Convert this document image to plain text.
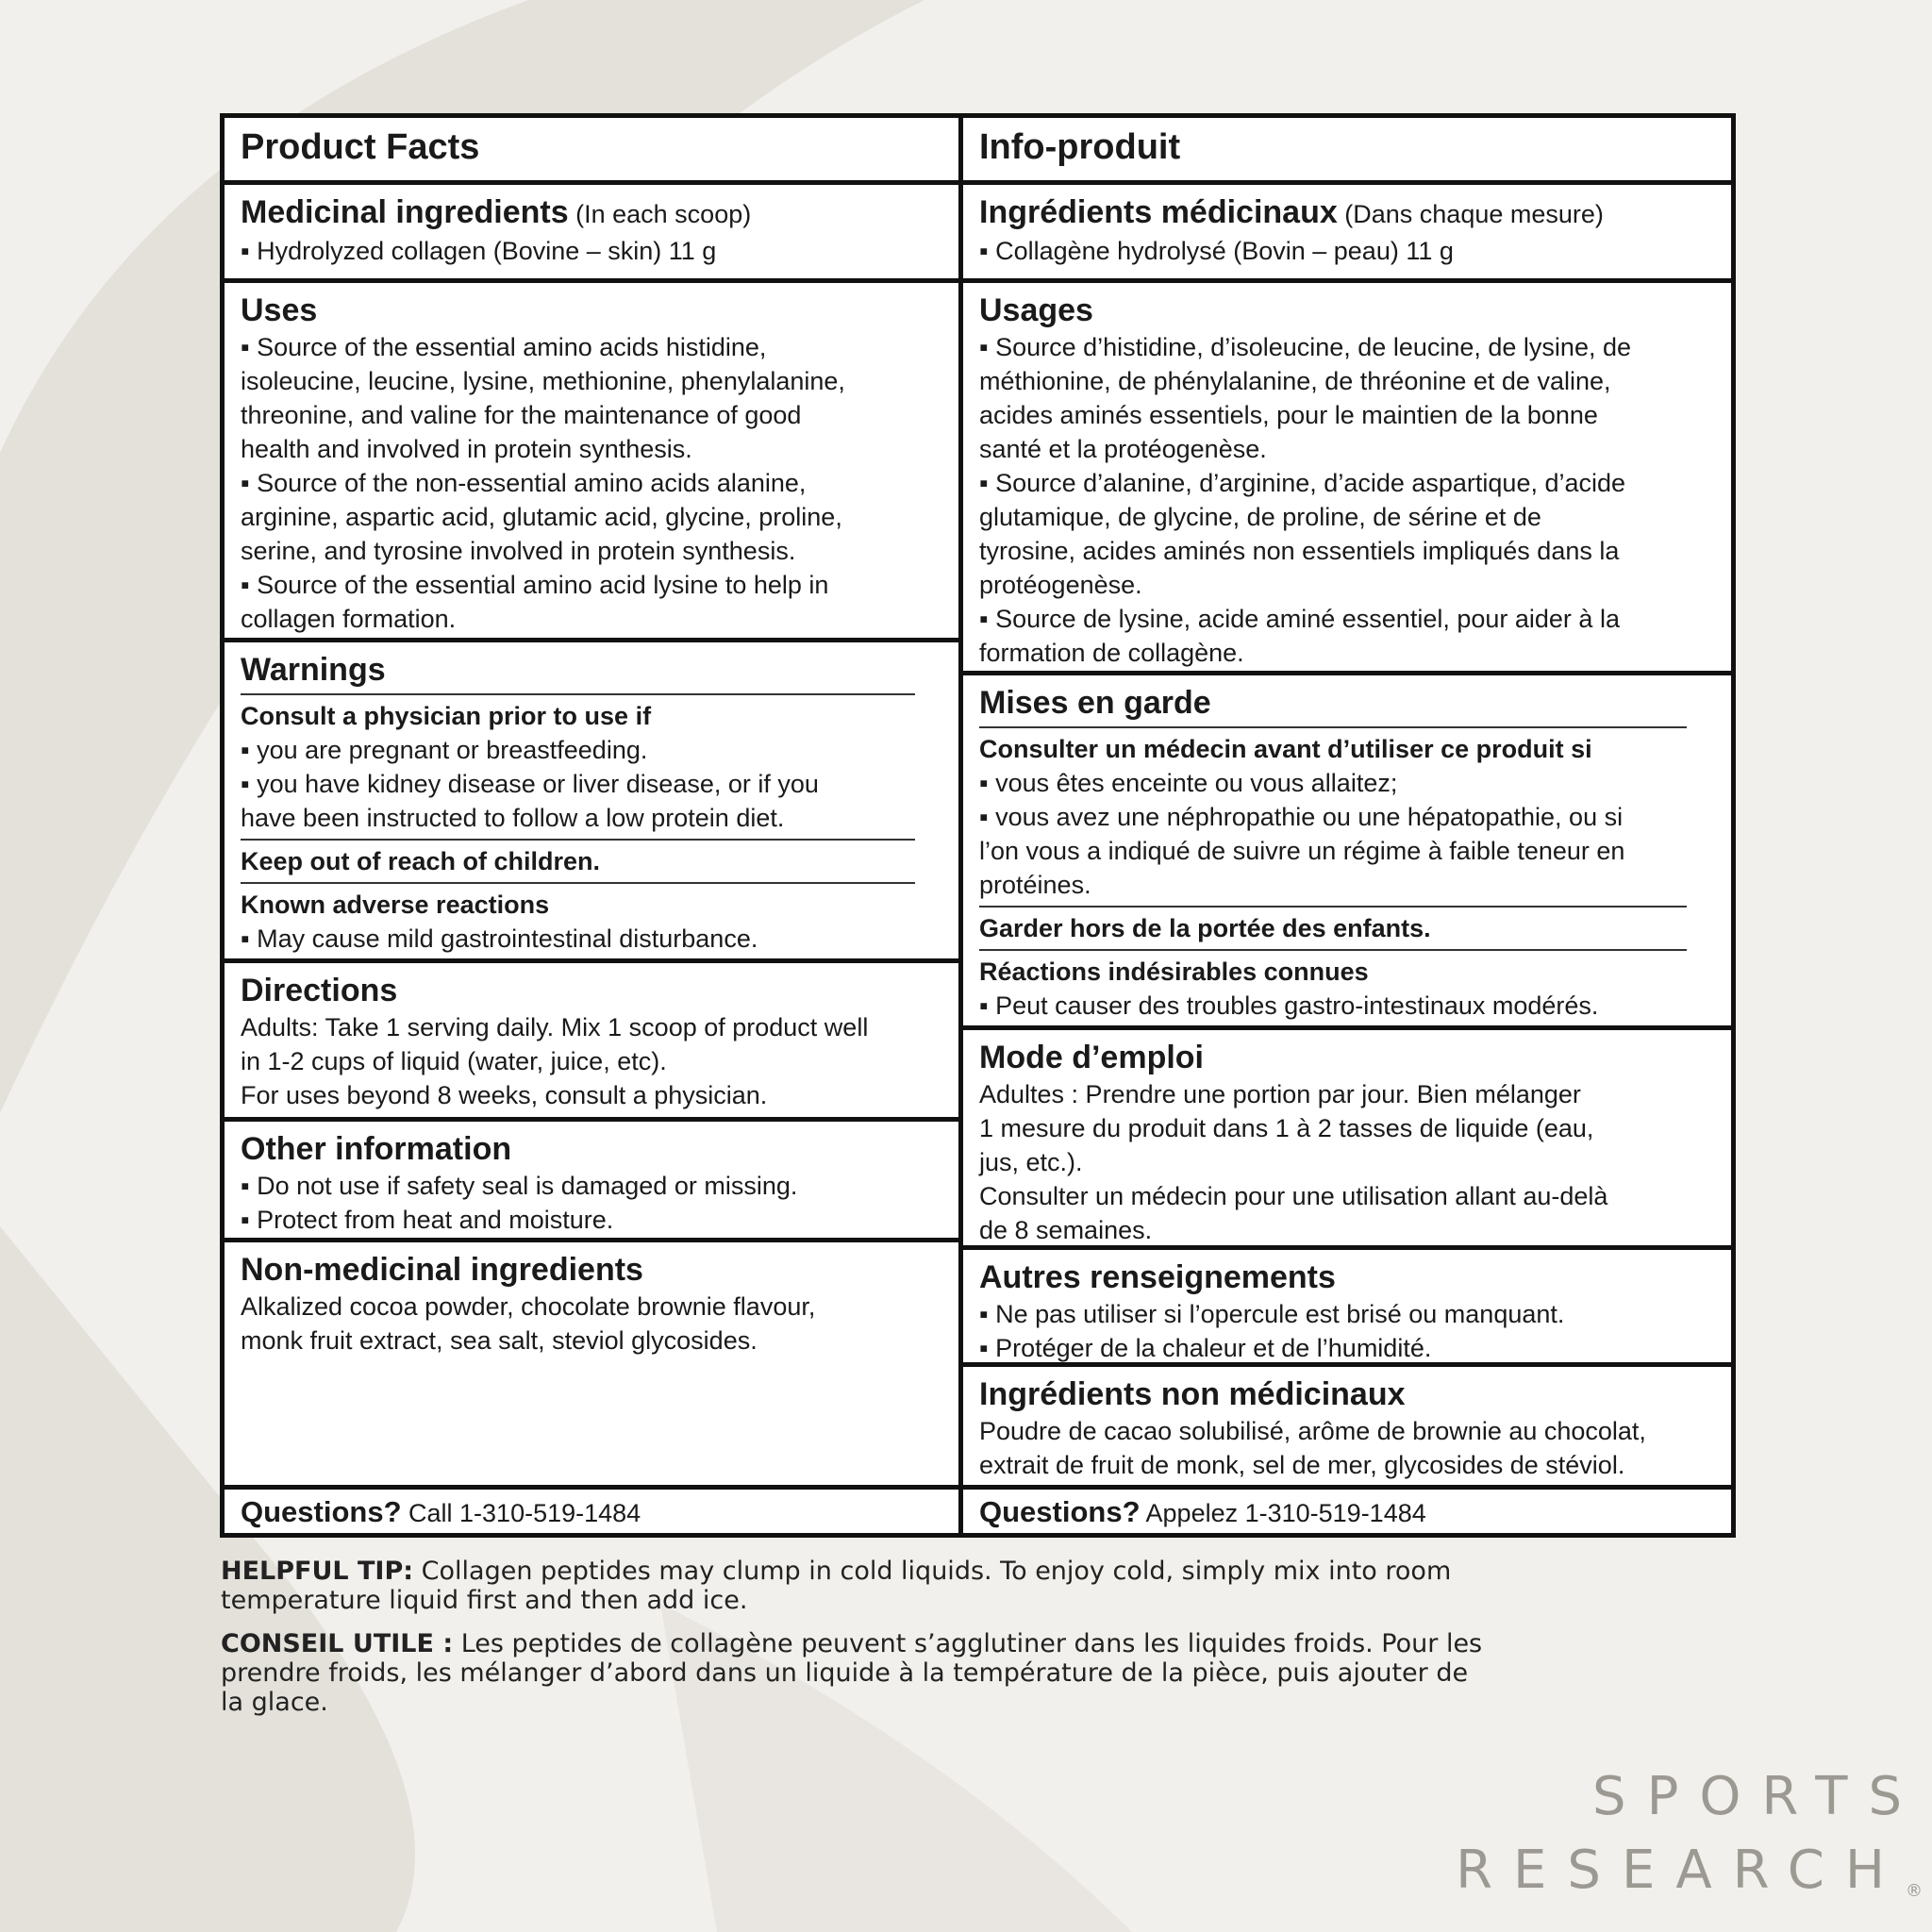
Product Facts
Medicinal ingredients (In each scoop)
▪ Hydrolyzed collagen (Bovine – skin) 11 g
Uses
▪ Source of the essential amino acids histidine,
isoleucine, leucine, lysine, methionine, phenylalanine,
threonine, and valine for the maintenance of good
health and involved in protein synthesis.
▪ Source of the non-essential amino acids alanine,
arginine, aspartic acid, glutamic acid, glycine, proline,
serine, and tyrosine involved in protein synthesis.
▪ Source of the essential amino acid lysine to help in
collagen formation.
Warnings
Consult a physician prior to use if
▪ you are pregnant or breastfeeding.
▪ you have kidney disease or liver disease, or if you
have been instructed to follow a low protein diet.
Keep out of reach of children.
Known adverse reactions
▪ May cause mild gastrointestinal disturbance.
Directions
Adults: Take 1 serving daily. Mix 1 scoop of product well
in 1-2 cups of liquid (water, juice, etc).
For uses beyond 8 weeks, consult a physician.
Other information
▪ Do not use if safety seal is damaged or missing.
▪ Protect from heat and moisture.
Non-medicinal ingredients
Alkalized cocoa powder, chocolate brownie flavour,
monk fruit extract, sea salt, steviol glycosides.
Questions? Call 1-310-519-1484
Info-produit
Ingrédients médicinaux (Dans chaque mesure)
▪ Collagène hydrolysé (Bovin – peau) 11 g
Usages
▪ Source d’histidine, d’isoleucine, de leucine, de lysine, de
méthionine, de phénylalanine, de thréonine et de valine,
acides aminés essentiels, pour le maintien de la bonne
santé et la protéogenèse.
▪ Source d’alanine, d’arginine, d’acide aspartique, d’acide
glutamique, de glycine, de proline, de sérine et de
tyrosine, acides aminés non essentiels impliqués dans la
protéogenèse.
▪ Source de lysine, acide aminé essentiel, pour aider à la
formation de collagène.
Mises en garde
Consulter un médecin avant d’utiliser ce produit si
▪ vous êtes enceinte ou vous allaitez;
▪ vous avez une néphropathie ou une hépatopathie, ou si
l’on vous a indiqué de suivre un régime à faible teneur en
protéines.
Garder hors de la portée des enfants.
Réactions indésirables connues
▪ Peut causer des troubles gastro-intestinaux modérés.
Mode d’emploi
Adultes : Prendre une portion par jour. Bien mélanger
1 mesure du produit dans 1 à 2 tasses de liquide (eau,
jus, etc.).
Consulter un médecin pour une utilisation allant au-delà
de 8 semaines.
Autres renseignements
▪ Ne pas utiliser si l’opercule est brisé ou manquant.
▪ Protéger de la chaleur et de l’humidité.
Ingrédients non médicinaux
Poudre de cacao solubilisé, arôme de brownie au chocolat,
extrait de fruit de monk, sel de mer, glycosides de stéviol.
Questions? Appelez 1-310-519-1484
HELPFUL TIP: Collagen peptides may clump in cold liquids. To enjoy cold, simply mix into room
temperature liquid first and then add ice.
CONSEIL UTILE : Les peptides de collagène peuvent s’agglutiner dans les liquides froids. Pour les
prendre froids, les mélanger d’abord dans un liquide à la température de la pièce, puis ajouter de
la glace.
SPORTS
RESEARCH®
